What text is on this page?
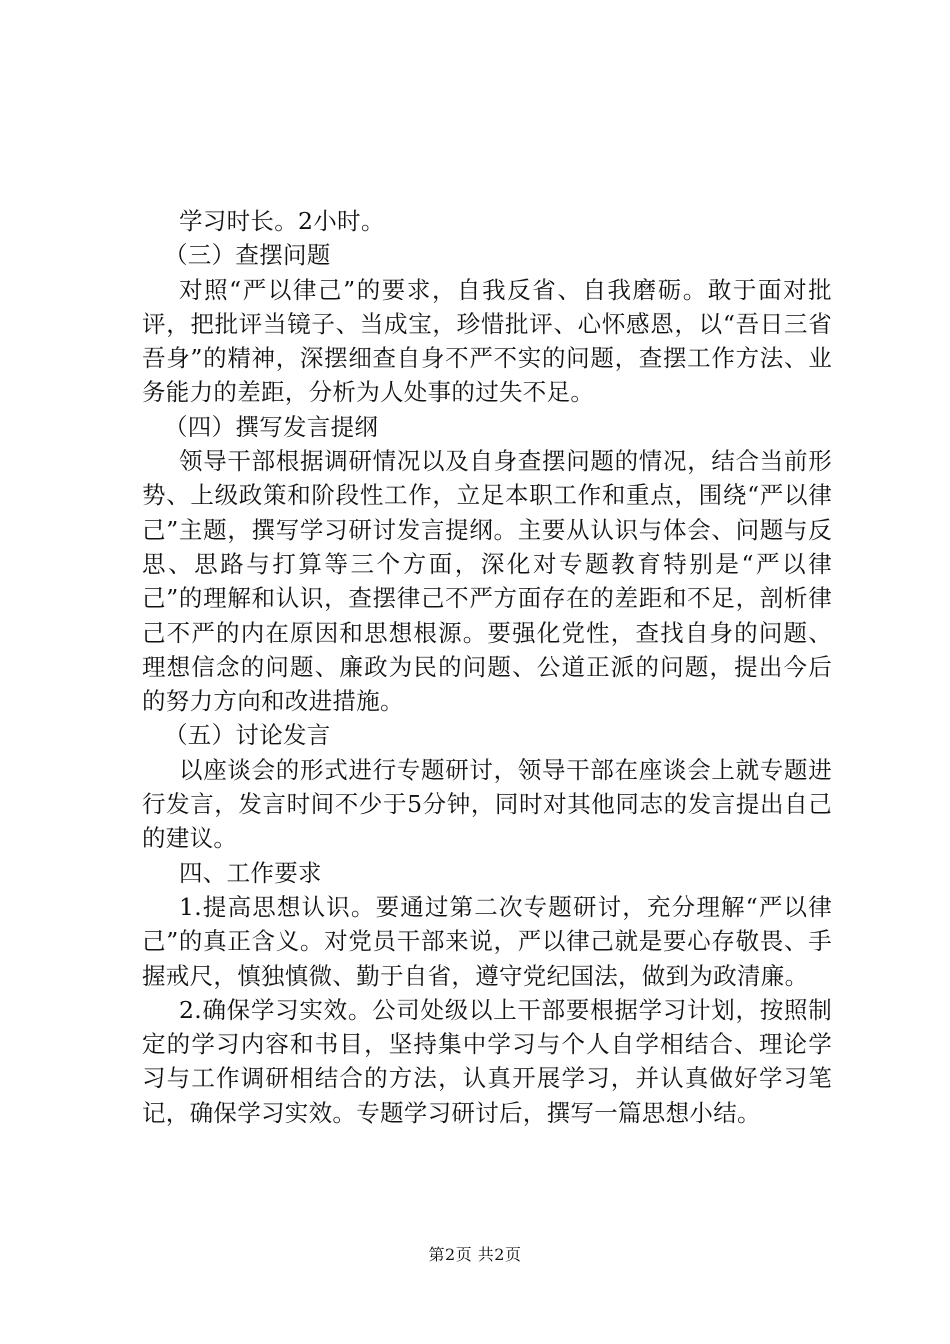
学习时长。2小时。

（三）查摆问题

对照“严以律己”的要求，自我反省、自我磨砺。敢于面对批评，把批评当镜子、当成宝，珍惜批评、心怀感恩，以“吾日三省吾身”的精神，深摆细查自身不严不实的问题，查摆工作方法、业务能力的差距，分析为人处事的过失不足。

（四）撰写发言提纲

领导干部根据调研情况以及自身查摆问题的情况，结合当前形势、上级政策和阶段性工作，立足本职工作和重点，围绕“严以律己”主题，撰写学习研讨发言提纲。主要从认识与体会、问题与反思、思路与打算等三个方面，深化对专题教育特别是“严以律己”的理解和认识，查摆律己不严方面存在的差距和不足，剖析律己不严的内在原因和思想根源。要强化党性，查找自身的问题、理想信念的问题、廉政为民的问题、公道正派的问题，提出今后的努力方向和改进措施。

（五）讨论发言

以座谈会的形式进行专题研讨，领导干部在座谈会上就专题进行发言，发言时间不少于5分钟，同时对其他同志的发言提出自己的建议。

四、工作要求

1.提高思想认识。要通过第二次专题研讨，充分理解“严以律己”的真正含义。对党员干部来说，严以律己就是要心存敬畏、手握戒尺，慎独慎微、勤于自省，遵守党纪国法，做到为政清廉。

2.确保学习实效。公司处级以上干部要根据学习计划，按照制定的学习内容和书目，坚持集中学习与个人自学相结合、理论学习与工作调研相结合的方法，认真开展学习，并认真做好学习笔记，确保学习实效。专题学习研讨后，撰写一篇思想小结。

第2页 共2页
